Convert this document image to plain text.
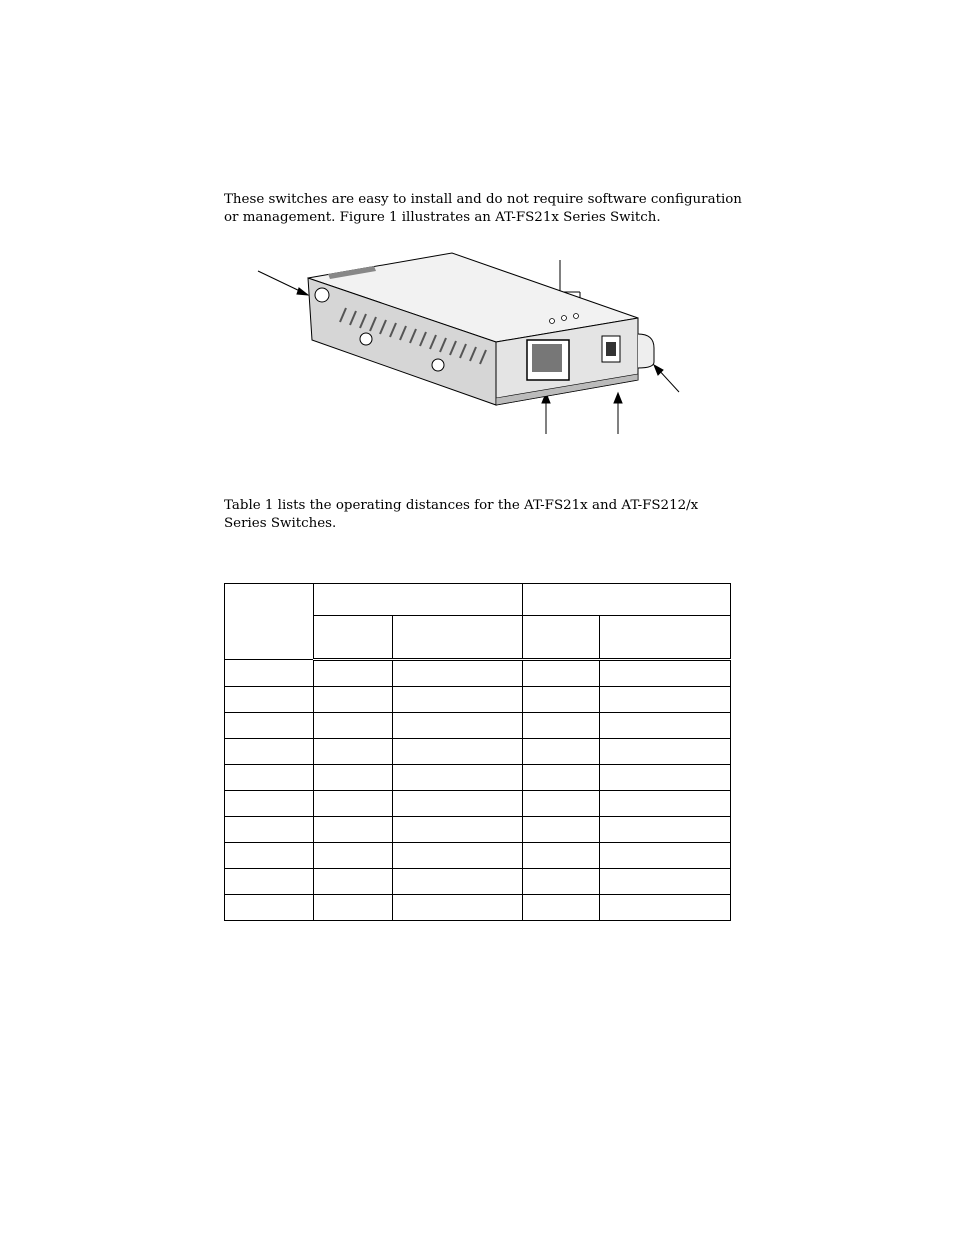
These switches are easy to install and do not require software configuration or management. Figure 1 illustrates an AT-FS21x Series Switch.

Table 1 lists the operating distances for the AT-FS21x and AT-FS212/x Series Switches.
